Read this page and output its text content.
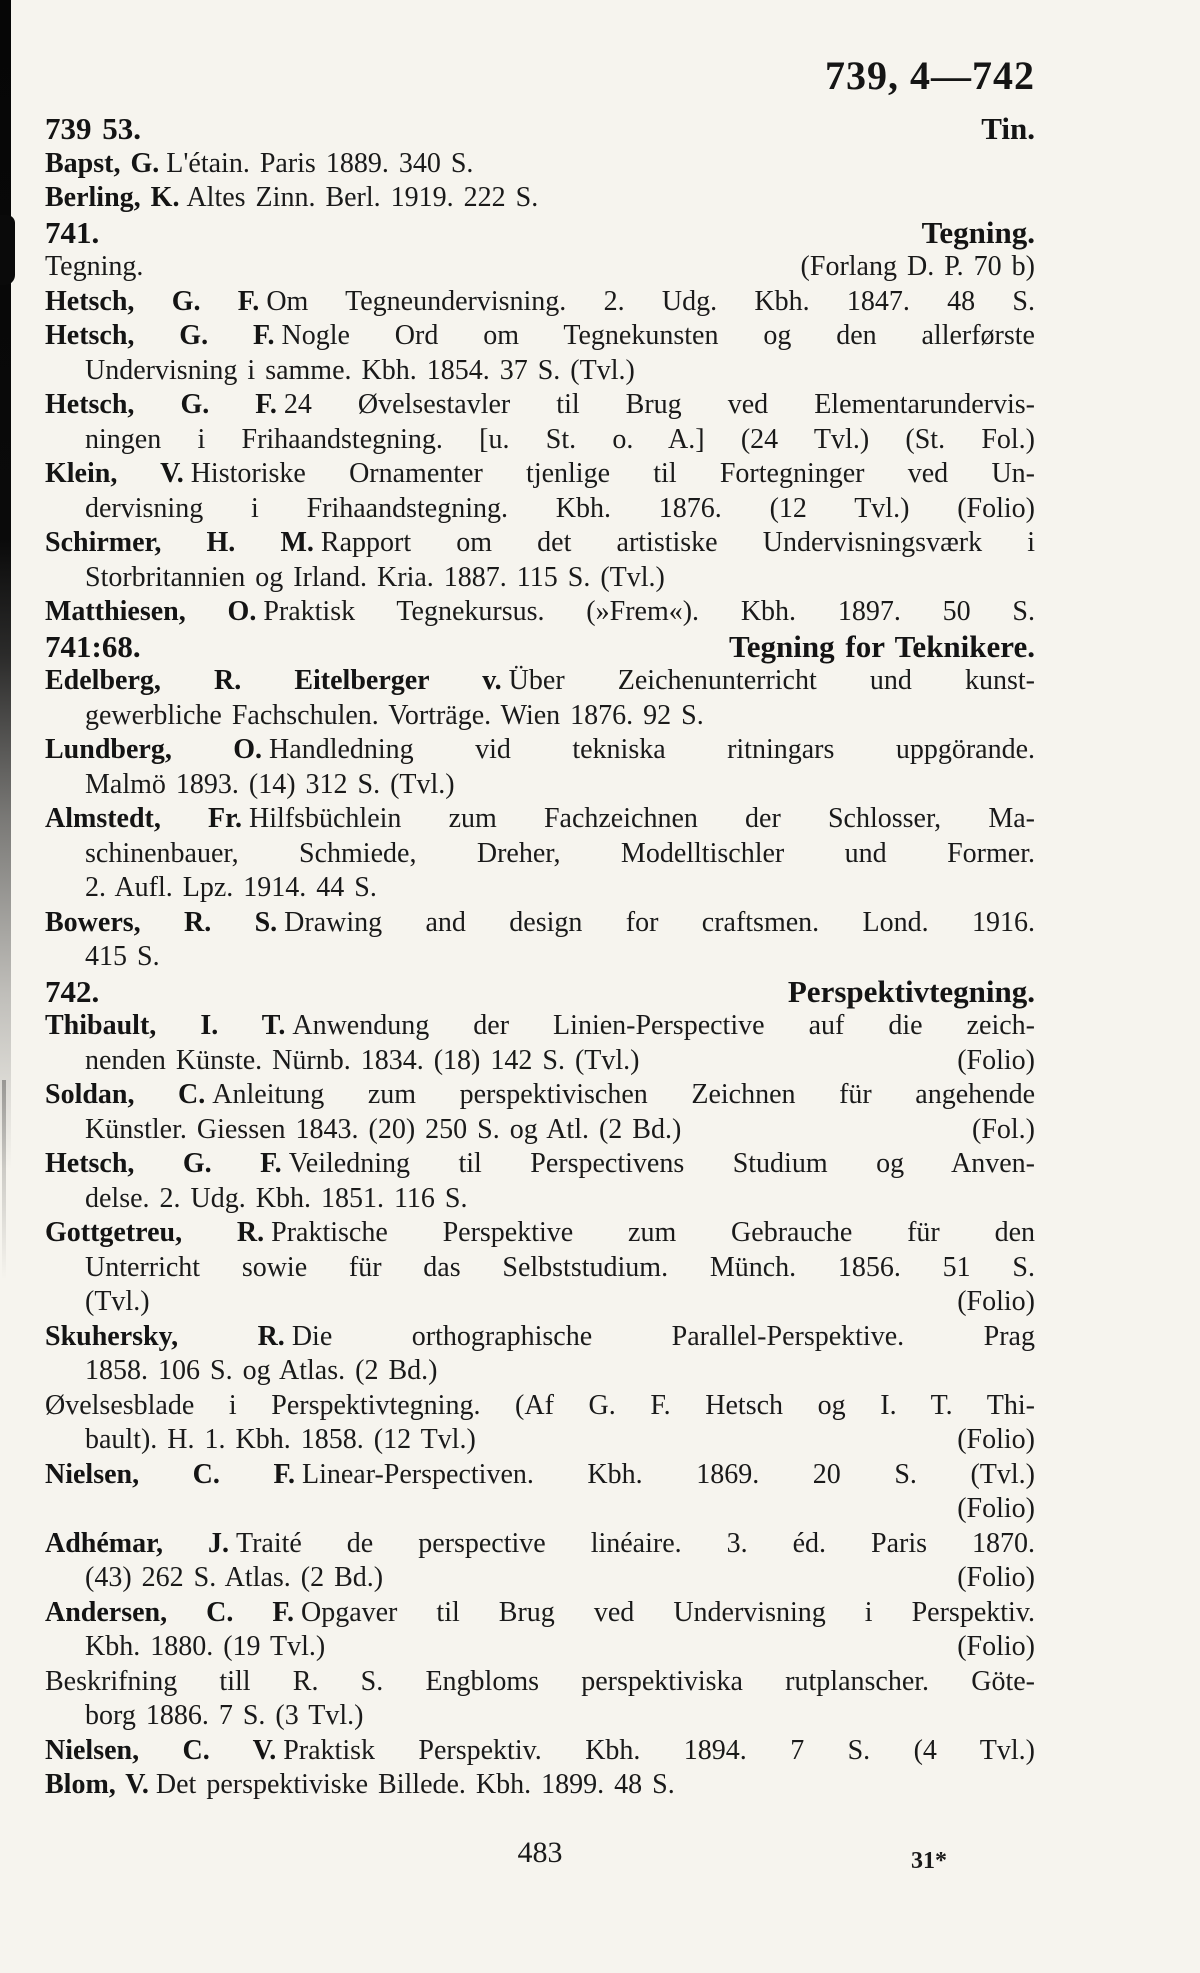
739, 4—742
739 53.	Tin.
Bapst, G. L'étain. Paris 1889. 340 S.
Berling, K. Altes Zinn. Berl. 1919. 222 S.
741.	Tegning.
Tegning.	(Forlang D. P. 70 b)
Hetsch, G. F. Om Tegneundervisning. 2. Udg. Kbh. 1847. 48 S.
Hetsch, G. F. Nogle Ord om Tegnekunsten og den allerførste
Undervisning i samme. Kbh. 1854. 37 S. (Tvl.)
Hetsch, G. F. 24 Øvelsestavler til Brug ved Elementarundervis-
ningen i Frihaandstegning. [u. St. o. A.] (24 Tvl.) (St. Fol.)
Klein, V. Historiske Ornamenter tjenlige til Fortegninger ved Un-
dervisning i Frihaandstegning. Kbh. 1876. (12 Tvl.) (Folio)
Schirmer, H. M. Rapport om det artistiske Undervisningsværk i
Storbritannien og Irland. Kria. 1887. 115 S. (Tvl.)
Matthiesen, O. Praktisk Tegnekursus. (»Frem«). Kbh. 1897. 50 S.
741:68.	Tegning for Teknikere.
Edelberg, R. Eitelberger v. Über Zeichenunterricht und kunst-
gewerbliche Fachschulen. Vorträge. Wien 1876. 92 S.
Lundberg, O. Handledning vid tekniska ritningars uppgörande.
Malmö 1893. (14) 312 S. (Tvl.)
Almstedt, Fr. Hilfsbüchlein zum Fachzeichnen der Schlosser, Ma-
schinenbauer, Schmiede, Dreher, Modelltischler und Former.
2. Aufl. Lpz. 1914. 44 S.
Bowers, R. S. Drawing and design for craftsmen. Lond. 1916.
415 S.
742.	Perspektivtegning.
Thibault, I. T. Anwendung der Linien-Perspective auf die zeich-
nenden Künste. Nürnb. 1834. (18) 142 S. (Tvl.)	(Folio)
Soldan, C. Anleitung zum perspektivischen Zeichnen für angehende
Künstler. Giessen 1843. (20) 250 S. og Atl. (2 Bd.)	(Fol.)
Hetsch, G. F. Veiledning til Perspectivens Studium og Anven-
delse. 2. Udg. Kbh. 1851. 116 S.
Gottgetreu, R. Praktische Perspektive zum Gebrauche für den
Unterricht sowie für das Selbststudium. Münch. 1856. 51 S.
(Tvl.)	(Folio)
Skuhersky, R. Die orthographische Parallel-Perspektive. Prag
1858. 106 S. og Atlas. (2 Bd.)
Øvelsesblade i Perspektivtegning. (Af G. F. Hetsch og I. T. Thi-
bault). H. 1. Kbh. 1858. (12 Tvl.)	(Folio)
Nielsen, C. F. Linear-Perspectiven. Kbh. 1869. 20 S. (Tvl.)
(Folio)
Adhémar, J. Traité de perspective linéaire. 3. éd. Paris 1870.
(43) 262 S. Atlas. (2 Bd.)	(Folio)
Andersen, C. F. Opgaver til Brug ved Undervisning i Perspektiv.
Kbh. 1880. (19 Tvl.)	(Folio)
Beskrifning till R. S. Engbloms perspektiviska rutplanscher. Göte-
borg 1886. 7 S. (3 Tvl.)
Nielsen, C. V. Praktisk Perspektiv. Kbh. 1894. 7 S. (4 Tvl.)
Blom, V. Det perspektiviske Billede. Kbh. 1899. 48 S.
483	31*
